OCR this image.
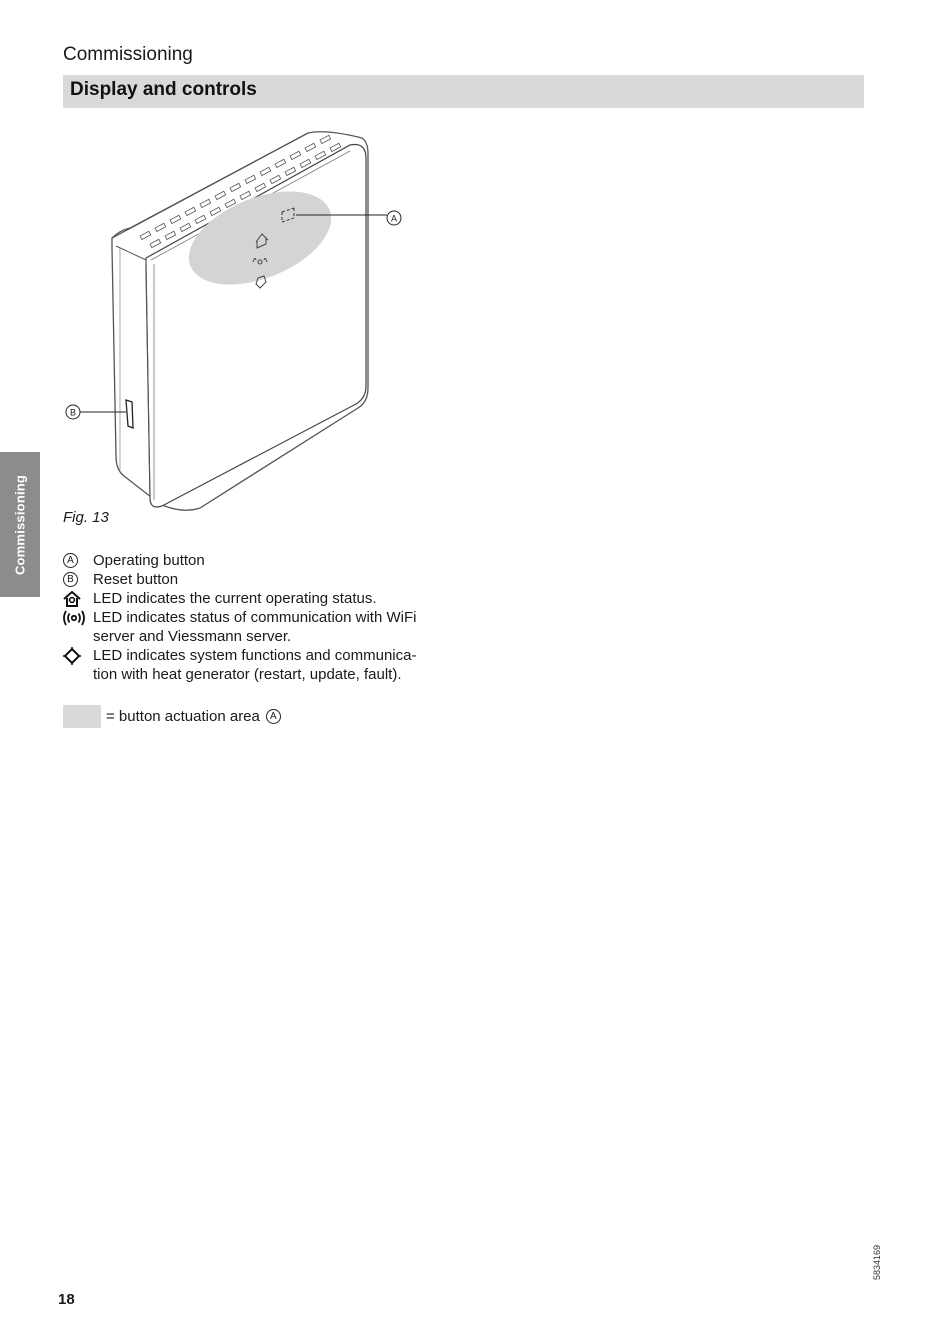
Commissioning
Display and controls
Commissioning
A
B
Fig. 13
A Operating button
B Reset button
LED indicates the current operating status.
LED indicates status of communication with WiFi
server and Viessmann server.
LED indicates system functions and communica-
tion with heat generator (restart, update, fault).
= button actuation area	A
18
5834169
